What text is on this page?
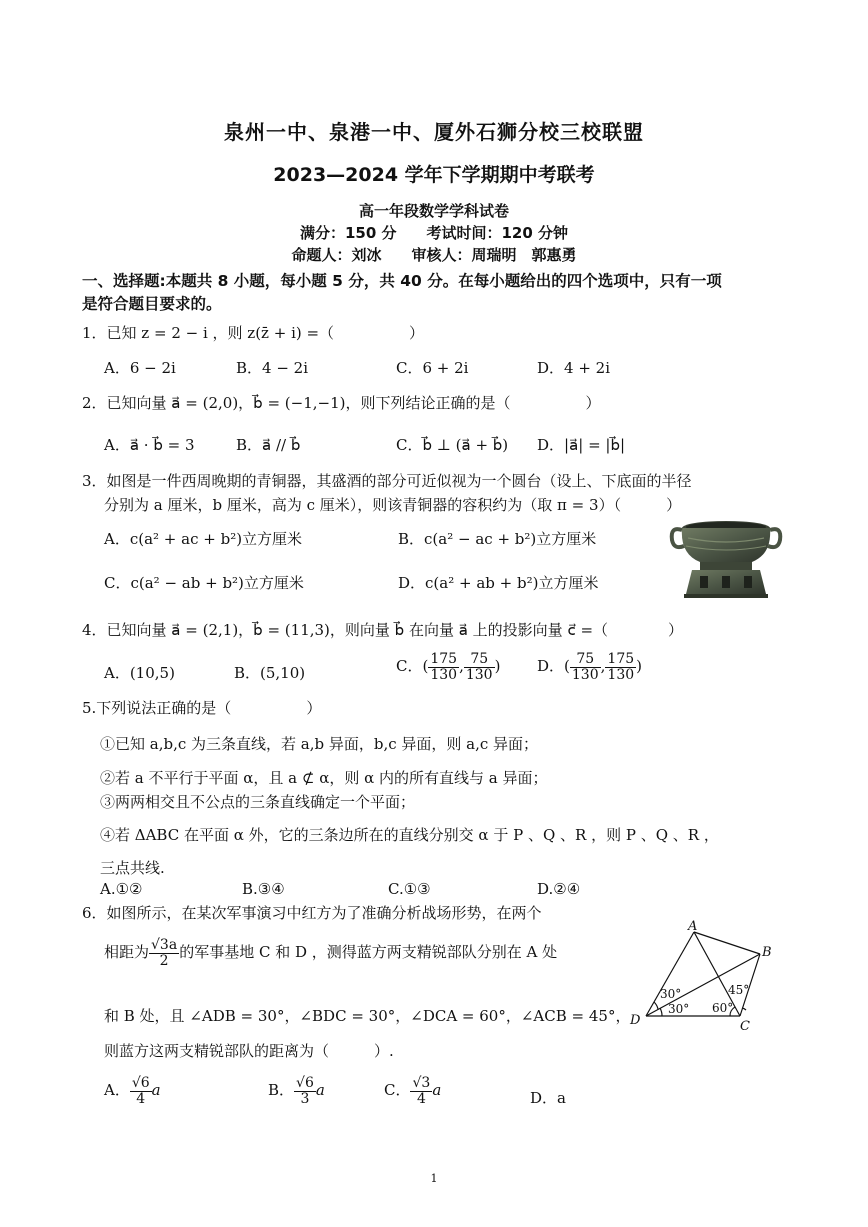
泉州一中、泉港一中、厦外石狮分校三校联盟
2023—2024 学年下学期期中考联考
高一年段数学学科试卷
满分：150 分　　考试时间：120 分钟
命题人：刘冰　　审核人：周瑞明　郭惠勇
一、选择题:本题共 8 小题，每小题 5 分，共 40 分。在每小题给出的四个选项中，只有一项
是符合题目要求的。
1．已知 z = 2 − i ，则 z(z̄ + i) =（　　　　　）
A．6 − 2i	B．4 − 2i	C．6 + 2i	D．4 + 2i
2．已知向量 a⃗ = (2,0)，b⃗ = (−1,−1)，则下列结论正确的是（　　　　　）
A．a⃗ · b⃗ = 3	B．a⃗ // b⃗	C．b⃗ ⊥ (a⃗ + b⃗) D．|a⃗| = |b⃗|
3．如图是一件西周晚期的青铜器，其盛酒的部分可近似视为一个圆台（设上、下底面的半径
分别为 a 厘米，b 厘米，高为 c 厘米），则该青铜器的容积约为（取 π = 3）（　　　）
A．c(a² + ac + b²)立方厘米	B．c(a² − ac + b²)立方厘米
C．c(a² − ab + b²)立方厘米	D．c(a² + ab + b²)立方厘米
4．已知向量 a⃗ = (2,1)，b⃗ = (11,3)，则向量 b⃗ 在向量 a⃗ 上的投影向量 c⃗ =（　　　　）
A．(10,5)	B．(5,10)	C．( $\frac{175}{130}$ , $\frac{75}{130}$ ) D．( $\frac{75}{130}$ , $\frac{175}{130}$ )
5.下列说法正确的是（　　　　　）
①已知 a,b,c 为三条直线，若 a,b 异面，b,c 异面，则 a,c 异面；
②若 a 不平行于平面 α，且 a ⊄ α，则 α 内的所有直线与 a 异面；
③两两相交且不公点的三条直线确定一个平面；
④若 ΔABC 在平面 α 外，它的三条边所在的直线分别交 α 于 P 、Q 、R ，则 P 、Q 、R ，
三点共线.
A.①②	B.③④	C.①③	D.②④
6．如图所示，在某次军事演习中红方为了准确分析战场形势，在两个
相距为 $\frac{√3a}{2}$ 的军事基地 C 和 D ，测得蓝方两支精锐部队分别在 A 处
和 B 处，且 ∠ADB = 30°，∠BDC = 30°，∠DCA = 60°，∠ACB = 45°，
则蓝方这两支精锐部队的距离为（　　　）.
A． $\frac{√6}{4}$ a	B． $\frac{√6}{3}$ a	C． $\frac{√3}{4}$ a	D．a
A
B
C
D
30°
30° 60°
45°
1
